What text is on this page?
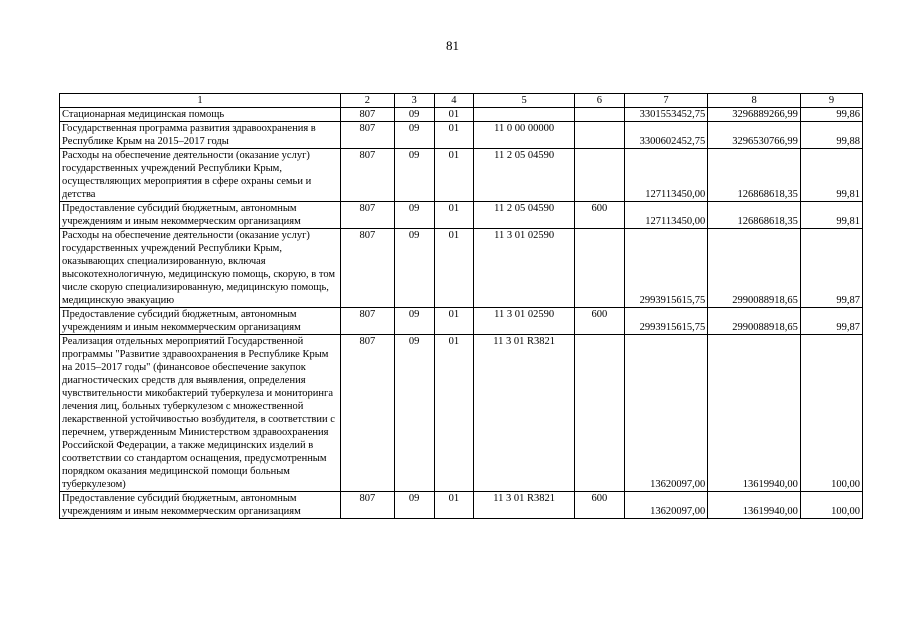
81
1	2	3	4	5	6	7	8	9
Стационарная медицинская помощь	807	09	01			3301553452,75	3296889266,99	99,86
Государственная программа развития здравоохранения в Республике Крым на 2015–2017 годы	807	09	01	11 0 00 00000		3300602452,75	3296530766,99	99,88
Расходы на обеспечение деятельности (оказание услуг) государственных учреждений Республики Крым, осуществляющих мероприятия в сфере охраны семьи и детства	807	09	01	11 2 05 04590		127113450,00	126868618,35	99,81
Предоставление субсидий бюджетным, автономным учреждениям и иным некоммерческим организациям	807	09	01	11 2 05 04590	600	127113450,00	126868618,35	99,81
Расходы на обеспечение деятельности (оказание услуг) государственных учреждений Республики Крым, оказывающих специализированную, включая высокотехнологичную, медицинскую помощь, скорую, в том числе скорую специализированную, медицинскую помощь, медицинскую эвакуацию	807	09	01	11 3 01 02590		2993915615,75	2990088918,65	99,87
Предоставление субсидий бюджетным, автономным учреждениям и иным некоммерческим организациям	807	09	01	11 3 01 02590	600	2993915615,75	2990088918,65	99,87
Реализация отдельных мероприятий Государственной программы "Развитие здравоохранения в Республике Крым на 2015–2017 годы" (финансовое обеспечение закупок диагностических средств для выявления, определения чувствительности микобактерий туберкулеза и мониторинга лечения лиц, больных туберкулезом с множественной лекарственной устойчивостью возбудителя, в соответствии с перечнем, утвержденным Министерством здравоохранения Российской Федерации, а также медицинских изделий в соответствии со стандартом оснащения, предусмотренным порядком оказания медицинской помощи больным туберкулезом)	807	09	01	11 3 01 R3821		13620097,00	13619940,00	100,00
Предоставление субсидий бюджетным, автономным учреждениям и иным некоммерческим организациям	807	09	01	11 3 01 R3821	600	13620097,00	13619940,00	100,00
